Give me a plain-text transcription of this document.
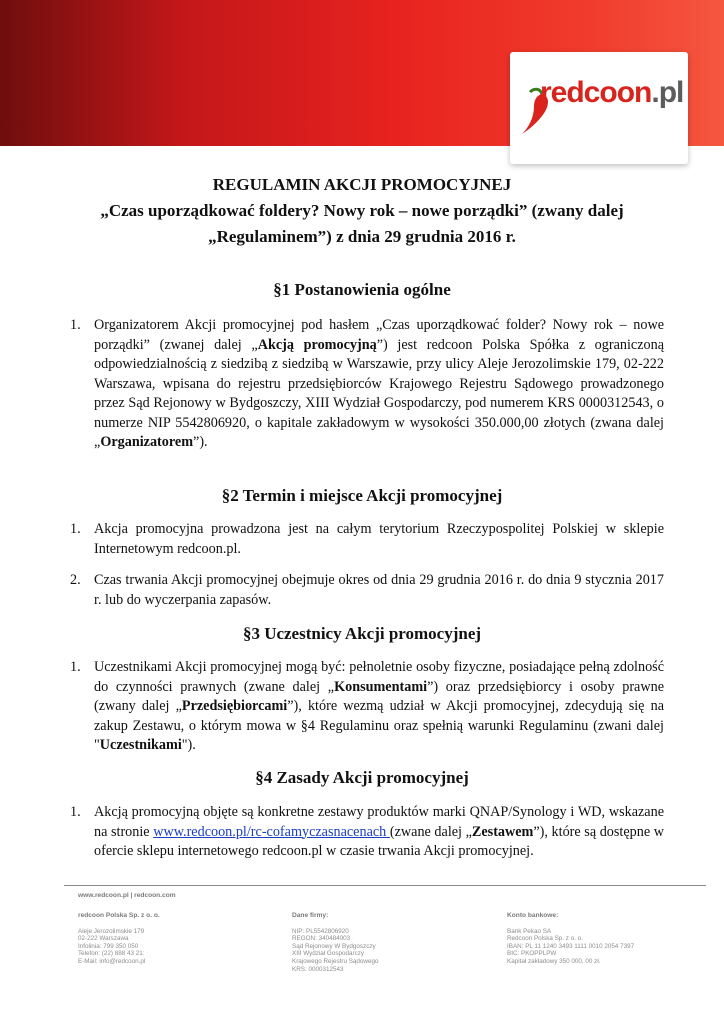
redcoon.pl
REGULAMIN AKCJI PROMOCYJNEJ
„Czas uporządkować foldery? Nowy rok – nowe porządki” (zwany dalej
„Regulaminem”) z dnia 29 grudnia 2016 r.
§1 Postanowienia ogólne
1. Organizatorem Akcji promocyjnej pod hasłem „Czas uporządkować folder? Nowy rok – nowe porządki” (zwanej dalej „Akcją promocyjną”) jest redcoon Polska Spółka z ograniczoną odpowiedzialnością z siedzibą z siedzibą w Warszawie, przy ulicy Aleje Jerozolimskie 179, 02-222 Warszawa, wpisana do rejestru przedsiębiorców Krajowego Rejestru Sądowego prowadzonego przez Sąd Rejonowy w Bydgoszczy, XIII Wydział Gospodarczy, pod numerem KRS 0000312543, o numerze NIP 5542806920, o kapitale zakładowym w wysokości 350.000,00 złotych (zwana dalej „Organizatorem”).
§2 Termin i miejsce Akcji promocyjnej
1. Akcja promocyjna prowadzona jest na całym terytorium Rzeczypospolitej Polskiej w sklepie Internetowym redcoon.pl.
2. Czas trwania Akcji promocyjnej obejmuje okres od dnia 29 grudnia 2016 r. do dnia 9 stycznia 2017 r. lub do wyczerpania zapasów.
§3 Uczestnicy Akcji promocyjnej
1. Uczestnikami Akcji promocyjnej mogą być: pełnoletnie osoby fizyczne, posiadające pełną zdolność do czynności prawnych (zwane dalej „Konsumentami”) oraz przedsiębiorcy i osoby prawne (zwany dalej „Przedsiębiorcami”), które wezmą udział w Akcji promocyjnej, zdecydują się na zakup Zestawu, o którym mowa w §4 Regulaminu oraz spełnią warunki Regulaminu (zwani dalej "Uczestnikami").
§4 Zasady Akcji promocyjnej
1. Akcją promocyjną objęte są konkretne zestawy produktów marki QNAP/Synology i WD, wskazane na stronie www.redcoon.pl/rc-cofamyczasnacenach (zwane dalej „Zestawem”), które są dostępne w ofercie sklepu internetowego redcoon.pl w czasie trwania Akcji promocyjnej.
www.redcoon.pl | redcoon.com
redcoon Polska Sp. z o. o.
Aleje Jerozolimskie 179
02-222 Warszawa
Infolinia: 799 350 050
Telefon: (22) 888 43 21:
E-Mail: info@redcoon.pl
Dane firmy:
NIP: PL5542806920
REGON: 340484003
Sąd Rejonowy W Bydgoszczy
XIII Wydział Gospodarczy
Krajowego Rejestru Sądowego
KRS: 0000312543
Konto bankowe:
Bank Pekao SA
Redcoon Polska Sp. z o. o.
IBAN: PL 11 1240 3493 1111 0010 2054 7397
BIC: PKOPPLPW
Kapitał zakładowy 350 000, 00 zł.
